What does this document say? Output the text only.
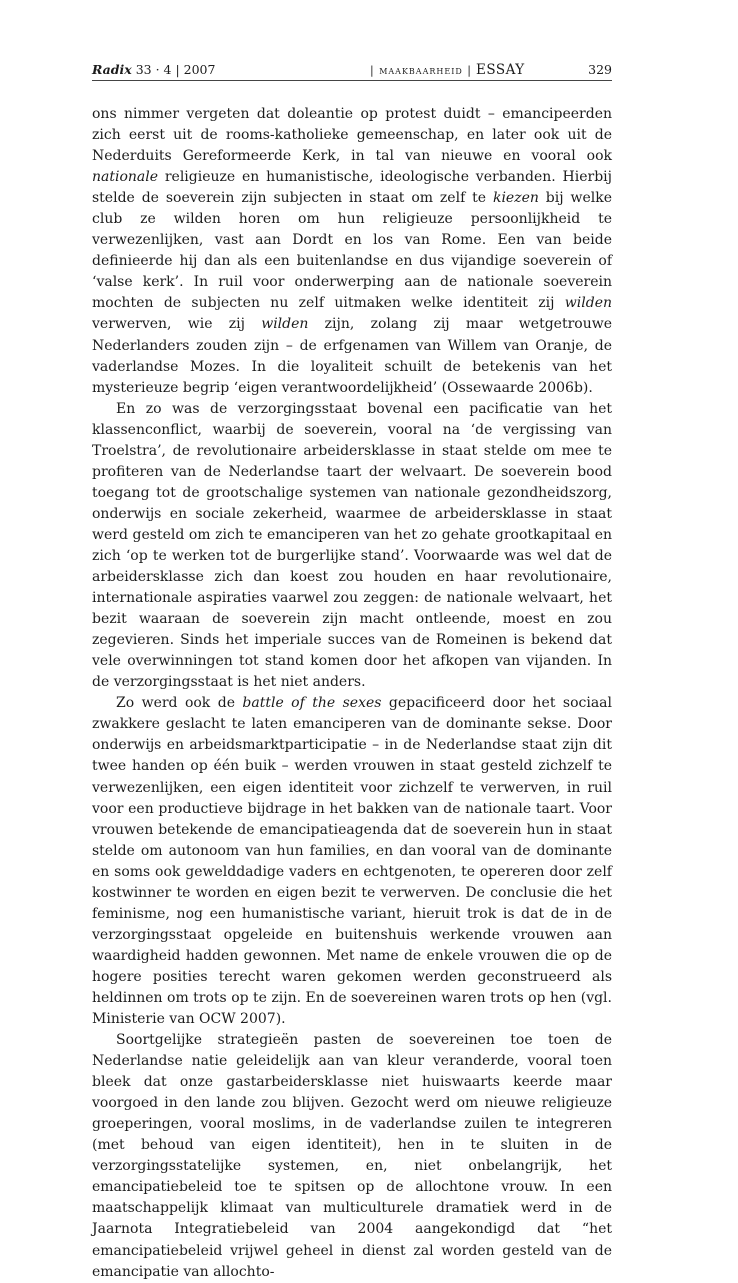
Radix 33 · 4 | 2007	| maakbaarheid | ESSAY	329

ons nimmer vergeten dat doleantie op protest duidt – emancipeerden zich eerst uit de rooms-katholieke gemeenschap, en later ook uit de Nederduits Gereformeerde Kerk, in tal van nieuwe en vooral ook nationale religieuze en humanistische, ideologische verbanden. Hierbij stelde de soeverein zijn subjecten in staat om zelf te kiezen bij welke club ze wilden horen om hun religieuze persoonlijkheid te verwezenlijken, vast aan Dordt en los van Rome. Een van beide definieerde hij dan als een buitenlandse en dus vijandige soeverein of ‘valse kerk’. In ruil voor onderwerping aan de nationale soeverein mochten de subjecten nu zelf uitmaken welke identiteit zij wilden verwerven, wie zij wilden zijn, zolang zij maar wetgetrouwe Nederlanders zouden zijn – de erfgenamen van Willem van Oranje, de vaderlandse Mozes. In die loyaliteit schuilt de betekenis van het mysterieuze begrip ‘eigen verantwoordelijkheid’ (Ossewaarde 2006b).

En zo was de verzorgingsstaat bovenal een pacificatie van het klassenconflict, waarbij de soeverein, vooral na ‘de vergissing van Troelstra’, de revolutionaire arbeidersklasse in staat stelde om mee te profiteren van de Nederlandse taart der welvaart. De soeverein bood toegang tot de grootschalige systemen van nationale gezondheidszorg, onderwijs en sociale zekerheid, waarmee de arbeidersklasse in staat werd gesteld om zich te emanciperen van het zo gehate grootkapitaal en zich ‘op te werken tot de burgerlijke stand’. Voorwaarde was wel dat de arbeidersklasse zich dan koest zou houden en haar revolutionaire, internationale aspiraties vaarwel zou zeggen: de nationale welvaart, het bezit waaraan de soeverein zijn macht ontleende, moest en zou zegevieren. Sinds het imperiale succes van de Romeinen is bekend dat vele overwinningen tot stand komen door het afkopen van vijanden. In de verzorgingsstaat is het niet anders.

Zo werd ook de battle of the sexes gepacificeerd door het sociaal zwakkere geslacht te laten emanciperen van de dominante sekse. Door onderwijs en arbeidsmarktparticipatie – in de Nederlandse staat zijn dit twee handen op één buik – werden vrouwen in staat gesteld zichzelf te verwezenlijken, een eigen identiteit voor zichzelf te verwerven, in ruil voor een productieve bijdrage in het bakken van de nationale taart. Voor vrouwen betekende de emancipatieagenda dat de soeverein hun in staat stelde om autonoom van hun families, en dan vooral van de dominante en soms ook gewelddadige vaders en echtgenoten, te opereren door zelf kostwinner te worden en eigen bezit te verwerven. De conclusie die het feminisme, nog een humanistische variant, hieruit trok is dat de in de verzorgingsstaat opgeleide en buitenshuis werkende vrouwen aan waardigheid hadden gewonnen. Met name de enkele vrouwen die op de hogere posities terecht waren gekomen werden geconstrueerd als heldinnen om trots op te zijn. En de soevereinen waren trots op hen (vgl. Ministerie van OCW 2007).

Soortgelijke strategieën pasten de soevereinen toe toen de Nederlandse natie geleidelijk aan van kleur veranderde, vooral toen bleek dat onze gastarbeidersklasse niet huiswaarts keerde maar voorgoed in den lande zou blijven. Gezocht werd om nieuwe religieuze groeperingen, vooral moslims, in de vaderlandse zuilen te integreren (met behoud van eigen identiteit), hen in te sluiten in de verzorgingsstatelijke systemen, en, niet onbelangrijk, het emancipatiebeleid toe te spitsen op de allochtone vrouw. In een maatschappelijk klimaat van multiculturele dramatiek werd in de Jaarnota Integratiebeleid van 2004 aangekondigd dat “het emancipatiebeleid vrijwel geheel in dienst zal worden gesteld van de emancipatie van allochto-
